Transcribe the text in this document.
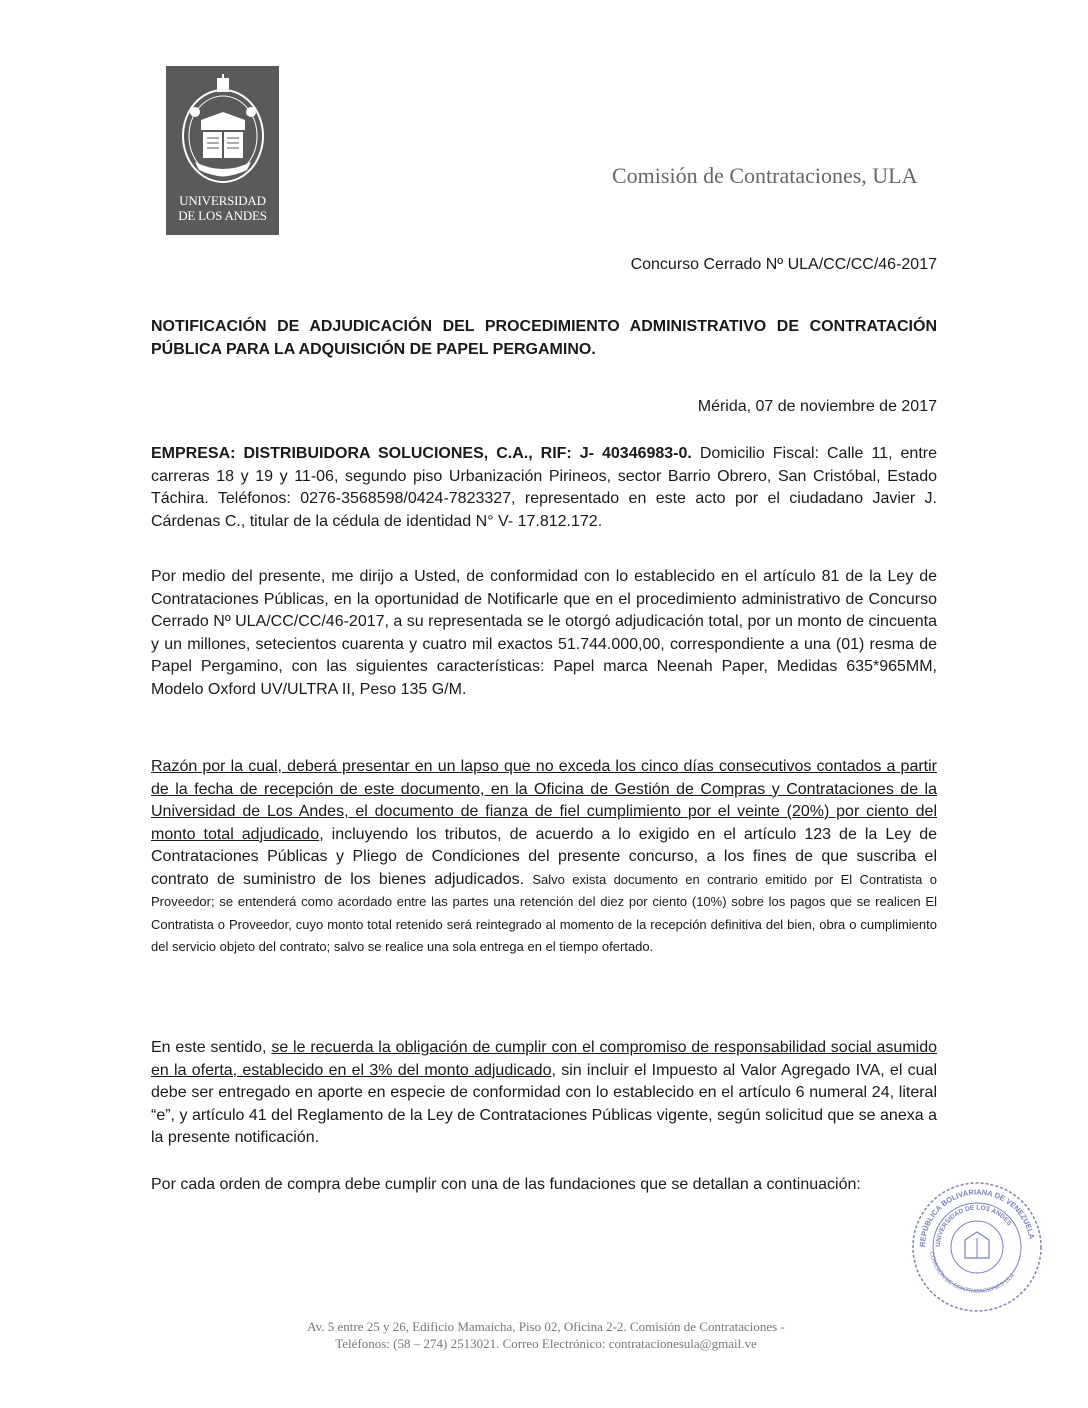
UNIVERSIDAD
DE LOS ANDES
Comisión de Contrataciones, ULA
Concurso Cerrado Nº ULA/CC/CC/46-2017
NOTIFICACIÓN DE ADJUDICACIÓN DEL PROCEDIMIENTO ADMINISTRATIVO DE CONTRATACIÓN PÚBLICA PARA LA ADQUISICIÓN DE PAPEL PERGAMINO.
Mérida, 07 de noviembre de 2017
EMPRESA: DISTRIBUIDORA SOLUCIONES, C.A., RIF: J- 40346983-0. Domicilio Fiscal: Calle 11, entre carreras 18 y 19 y 11-06, segundo piso Urbanización Pirineos, sector Barrio Obrero, San Cristóbal, Estado Táchira. Teléfonos: 0276-3568598/0424-7823327, representado en este acto por el ciudadano Javier J. Cárdenas C., titular de la cédula de identidad N° V- 17.812.172.
Por medio del presente, me dirijo a Usted, de conformidad con lo establecido en el artículo 81 de la Ley de Contrataciones Públicas, en la oportunidad de Notificarle que en el procedimiento administrativo de Concurso Cerrado Nº ULA/CC/CC/46-2017, a su representada se le otorgó adjudicación total, por un monto de cincuenta y un millones, setecientos cuarenta y cuatro mil exactos 51.744.000,00, correspondiente a una (01) resma de Papel Pergamino, con las siguientes características: Papel marca Neenah Paper, Medidas 635*965MM, Modelo Oxford UV/ULTRA II, Peso 135 G/M.
Razón por la cual, deberá presentar en un lapso que no exceda los cinco días consecutivos contados a partir de la fecha de recepción de este documento, en la Oficina de Gestión de Compras y Contrataciones de la Universidad de Los Andes, el documento de fianza de fiel cumplimiento por el veinte (20%) por ciento del monto total adjudicado, incluyendo los tributos, de acuerdo a lo exigido en el artículo 123 de la Ley de Contrataciones Públicas y Pliego de Condiciones del presente concurso, a los fines de que suscriba el contrato de suministro de los bienes adjudicados. Salvo exista documento en contrario emitido por El Contratista o Proveedor; se entenderá como acordado entre las partes una retención del diez por ciento (10%) sobre los pagos que se realicen El Contratista o Proveedor, cuyo monto total retenido será reintegrado al momento de la recepción definitiva del bien, obra o cumplimiento del servicio objeto del contrato; salvo se realice una sola entrega en el tiempo ofertado.
En este sentido, se le recuerda la obligación de cumplir con el compromiso de responsabilidad social asumido en la oferta, establecido en el 3% del monto adjudicado, sin incluir el Impuesto al Valor Agregado IVA, el cual debe ser entregado en aporte en especie de conformidad con lo establecido en el artículo 6 numeral 24, literal “e”, y artículo 41 del Reglamento de la Ley de Contrataciones Públicas vigente, según solicitud que se anexa a la presente notificación.
Por cada orden de compra debe cumplir con una de las fundaciones que se detallan a continuación:
REPÚBLICA BOLIVARIANA DE VENEZUELA
UNIVERSIDAD DE LOS ANDES
COMISIÓN DE CONTRATACIONES ULA
Av. 5 entre 25 y 26, Edificio Mamaicha, Piso 02, Oficina 2-2. Comisión de Contrataciones -
Teléfonos: (58 – 274) 2513021. Correo Electrónico: contratacionesula@gmail.ve
